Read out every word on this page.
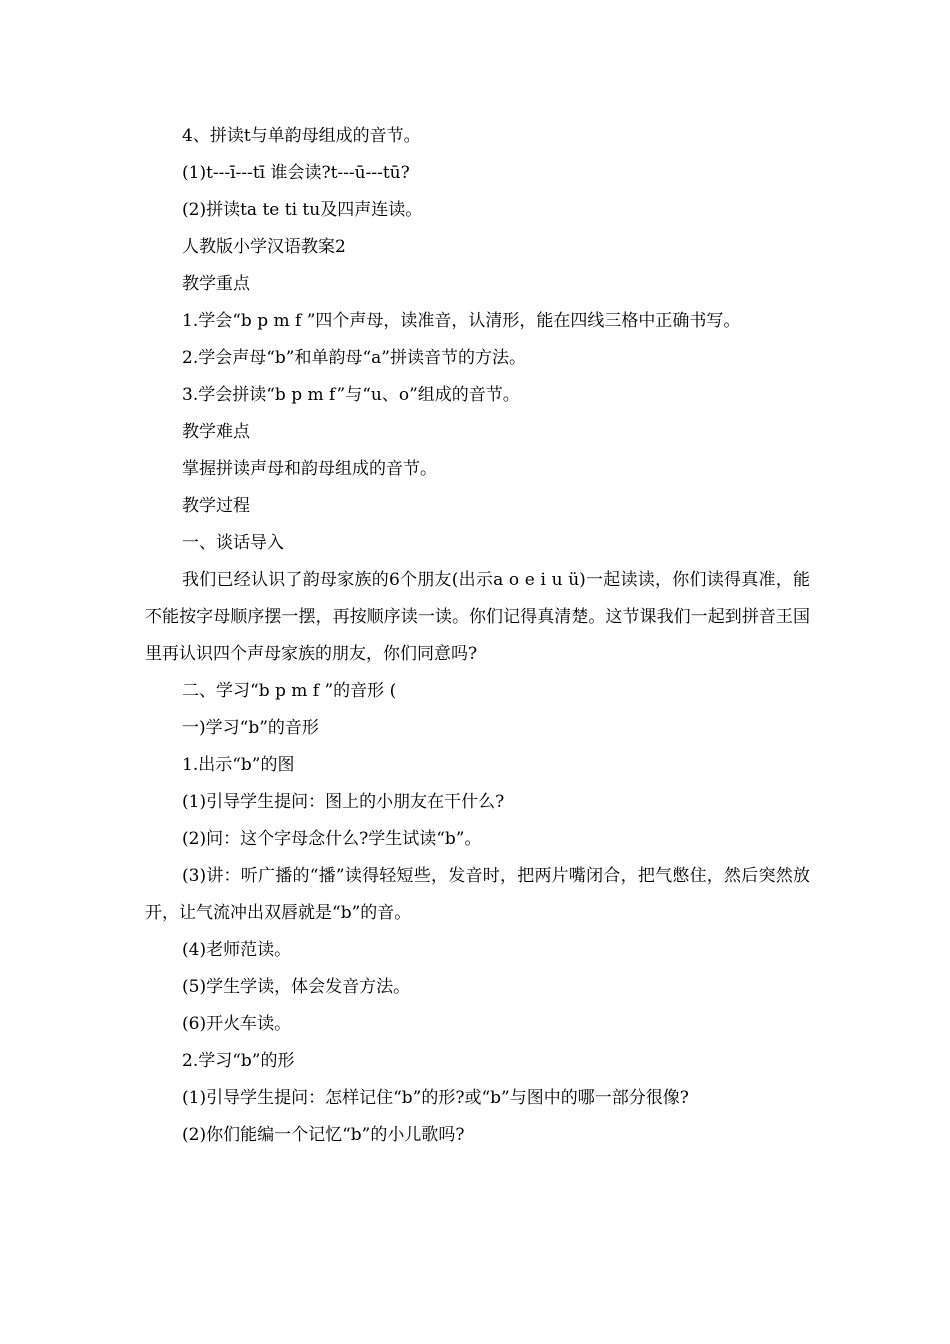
4、拼读t与单韵母组成的音节。

(1)t---ī---tī 谁会读?t---ū---tū?

(2)拼读ta te ti tu及四声连读。

人教版小学汉语教案2

教学重点

1.学会“b p m f ”四个声母，读准音，认清形，能在四线三格中正确书写。

2.学会声母“b”和单韵母“a”拼读音节的方法。

3.学会拼读“b p m f”与“u、o”组成的音节。

教学难点

掌握拼读声母和韵母组成的音节。

教学过程

一、谈话导入

我们已经认识了韵母家族的6个朋友(出示a o e i u ü)一起读读，你们读得真准，能不能按字母顺序摆一摆，再按顺序读一读。你们记得真清楚。这节课我们一起到拼音王国里再认识四个声母家族的朋友，你们同意吗?

二、学习“b p m f ”的音形 (

一)学习“b”的音形

1.出示“b”的图

(1)引导学生提问：图上的小朋友在干什么?

(2)问：这个字母念什么?学生试读“b”。

(3)讲：听广播的“播”读得轻短些，发音时，把两片嘴闭合，把气憋住，然后突然放开，让气流冲出双唇就是“b”的音。

(4)老师范读。

(5)学生学读，体会发音方法。

(6)开火车读。

2.学习“b”的形

(1)引导学生提问：怎样记住“b”的形?或“b”与图中的哪一部分很像?

(2)你们能编一个记忆“b”的小儿歌吗?
